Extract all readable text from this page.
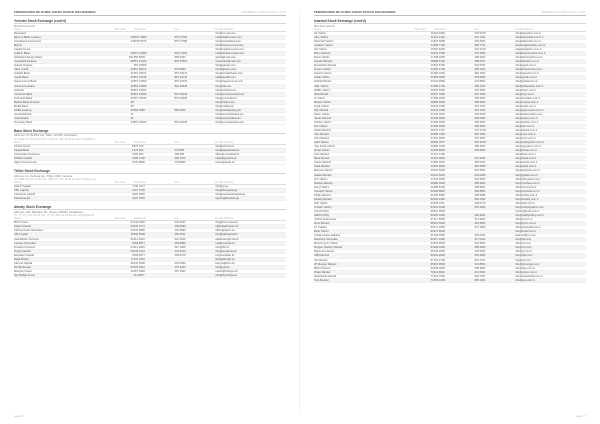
FEDERATION OF EURO-ASIAN STOCK EXCHANGES	MEMBERS DIRECTORY 2013
Yerevan Stock Exchange (cont'd)
Members (cont'd)
Name	SE Code	Telephone	Fax	E-mail address
Renesans				info@ren-ak.com
Bank of Baltic Leasing	22	8671 0800	867 27700	mail@baltic-bank.com
Araratbank Investment	23	8670 5575	867 27780	info@araratbank.com
Boone				info@boone-invest.com
Capital Invest				info@capital-invest.com
Ardshin Bank	26	867 31055	8671 5122	mail@ardshin-bank.com
Global Exchange Share	521	856 5520	856 9462	global@mail.com
Inecobank Finance	28	867 21022	867 27810	inecobank@mail.com
Garant Finance		867 20050		info@garant.com
Sarin Credit	20	867 28071	867 8090	credit@sarin.com
Artsakh Bank	31	867 20671	867 20041	info@artsakhbank.com
Anelik Bank	32	867 31045	867 31040	mail@anelik.com
Hayeconomy Bank	33	867 31560	867 21570	info@hayeconomy.com
Armeconombank	34	861 23050	861 23540	info@aeb.am
Unibank	35	867 19062		info@unibank.am
Converse Bank	36	867 31530	867 31532	post@conversebank.am
ProCredit Bank	37	867 31330	867 23400	info@procredit.am
Byblos Bank Armenia	38			info@byblos.am
Mellat Bank	39			info@mellat.am
ACBA Leasing	40	866 3050	866 3076	info@acbaleasing.am
Armswissbank	41			info@armswissbank.am
Areximbank	42			info@areximbank.am
Prometey Bank	43	867 31620	867 31630	info@prometeybank.am
Baku Stock Exchange
Add.ress: 19, Bul-Bul Ave, Baku, AZ1000, Azerbaijan
Tel: (994 12) 498 94 40 Fax: (994 12) 498 00 66 E-mail: info@bfb.az
Name	SE Code	Telephone	Fax	E-mail address
Aztrust Group	8	372 700		info@aztrust.az
Kapital Bank	1	370 800	370 880	info@kapitalbank.az
Unicapital Investment	3	200 900	200 950	office@unicapital.az
PASHA Capital	4	509 7200	509 7210	capital@pasha.az
Aqrar Invest Group	5	441 8800	441 8830	invest@aqrar.az
Tbilisi Stock Exchange
Add.ress: 11, Kazbegi Ave, Tbilisi, 0160, Georgia
Tel: (995 32) 222 32 44 Fax: (995 32) 222 32 46 E-mail: info@gse.ge
Name	SE Code	Telephone	Fax	E-mail address
Galt & Taggart	7	240 1617		info@gt.ge
TBC Capital	2	227 2700		info@tbccapital.ge
Caucasus Capital	6	225 3535		info@caucasuscapital.ge
Kavkasreestri	4	222 0110		registry@kavkas.ge
Almaty Stock Exchange
Add.ress: 280, Baizakov Str., Almaty, 050040, Kazakhstan
Tel: (7 727) 237 53 00 Fax: (7 727) 296 64 02 E-mail: info@kase.kz
Name	SE Code	Telephone	Fax	E-mail address
BCC Invest	61	244 3232	244 3231	info@bcc-invest.kz
Halyk Finance	23	330 0171	259 0593	hf@halykfinance.kz
Kazkommerts Securities	24	244 6580	244 6599	office@kazks.kz
Alfa Capital	18	250 5500	250 5511	info@alfacapital.kz
Asia Broker Services	52	311 3034	311 3040	asiabroker@mail.kz
Centras Securities	8	259 8877	259 8855	mail@centras.kz
Freedom Finance	64	311 1064	311 1065	info@ffin.kz
Tengri Capital	45	244 2121	244 2120	info@tengricap.kz
Eurasian Capital	2	259 6077	259 6078	ec@eurasian.kz
Delta Broker	77	331 0101		delta@broker.kz
Kazyna Capital	39	244 5090	244 5092	kazyna@kcm.kz
RG Brokerage	54	279 3312	279 3320	info@rgb.kz
Zhetysu Invest	12	267 1830	267 1831	invest@zhetysu.kz
Sky Bridge Invest		311 8877		info@skybridge.kz
page 76
FEDERATION OF EURO-ASIAN STOCK EXCHANGES	MEMBERS DIRECTORY 2013
Istanbul Stock Exchange (cont'd)
Members (cont'd)
Name	SE Code	Telephone	Fax	E-mail address
Ak Yatirim	10	334 9494	334 9470	info@akyatirim.com.tr
Alan Yatirim	11	212 1420	212 1421	info@alanyatirim.com.tr
Alternatif Yatirim	13	315 6500	315 6501	info@alternatif.com.tr
Anadolu Yatirim	14	368 7700	368 7711	anadolu@anadolu.com.tr
Ata Yatirim	15	310 6200	310 6210	ata@atayatirim.com.tr
Bizim Menkul	16	370 1500	370 1501	info@bizimmenkul.com.tr
Deniz Yatirim	17	348 2000	348 2001	info@denizyatirim.com
Dundar Menkul	18	368 6700	368 6701	info@dundar.com.tr
Eczacibasi Menkul	19	319 5700	319 5701	info@egeli.com.tr
Finans Yatirim	20	282 1700	282 1701	info@finansinvest.com
Garanti Yatirim	21	384 1000	384 1001	info@garanti.com.tr
Gedik Yatirim	22	453 0000	453 0001	info@gedik.com.tr
Global Menkul	23	244 5500	244 5501	info@global.com.tr
Halk Yatirim	24	285 1700	285 1701	info@halkyatirim.com.tr
HSBC Yatirim	25	376 4600	376 4601	info@hsbc.com.tr
ING Menkul	26	367 7000	367 7001	info@ing.com.tr
Is Yatirim	27	350 2000	350 2001	info@isyatirim.com.tr
Meksa Yatirim	28	385 5500	385 5501	info@meksa.com.tr
Oyak Yatirim	29	319 1200	319 1201	info@oyak.com.tr
Pay Menkul	30	244 7000	244 7001	info@paymenkul.com.tr
Seker Yatirim	31	334 3333	334 3334	info@sekeryatirim.com
Sanko Menkul	32	335 0000	335 0001	info@sanko.com.tr
Tacirler Yatirim	33	355 4646	355 4647	info@tacirler.com.tr
Teb Yatirim	34	355 4600	355 4601	info@teb.com.tr
Tekstil Menkul	35	276 2727	276 2728	info@tekstil.com.tr
Ulus Menkul	36	350 7000	350 7001	info@ulus.com.tr
Unlu Menkul	37	367 3636	367 3637	info@unlu.com.tr
Vakif Yatirim	38	352 3577	352 3578	info@vakifyatirim.com.tr
Yapi Kredi Yatirim	39	280 1000	280 1001	info@ykyatirim.com.tr
Ziraat Yatirim	40	339 8000	339 8001	info@ziraat.com.tr
Acar Menkul	41	216 1400		info@acar.com.tr
Baha Menkul	42	216 3040	216 3041	info@baha.com.tr
Camis Menkul	43	350 0210	350 0211	info@camis.com.tr
Delta Menkul	44	310 6565	310 6566	info@delta.com.tr
Ekspres Yatirim	45	315 5000	315 5001	info@ekspres.com.tr
Galata Menkul	46	244 6464	244 6465	info@galata.com.tr
Info Yatirim	47	318 2500	318 2501	info@infoyatirim.com
Marbas Menkul	48	286 3000	286 3001	info@marbas.com.tr
Nurol Yatirim	49	286 8100	286 8101	info@nurol.com.tr
Osmanli Yatirim	50	366 8800	366 8801	info@osmanli.com.tr
Phillip Menkul	51	296 8484	296 8485	info@phillip.com.tr
Strateji Menkul	52	354 4400	354 4401	info@strateji.com.tr
Taib Yatirim	53	345 0711	345 0712	info@taib.com.tr
Turkish Yatirim	54	315 1000	315 1001	info@turkishyatirim.com
Ünlü Portföy	55	367 3600		portfoy@unlu.com.tr
Vakif Portföy	56	393 4200	393 4201	info@vakifportfoy.com.tr
Yatirim Finansman	57	317 6900	317 6901	info@yf.com.tr
Zirve Menkul	58	322 5500	322 5501	info@zirve.com.tr
A1 Capital	59	371 1800	371 1801	info@a1capital.com.tr
Bulls Yatirim	60	373 8000		info@bulls.com.tr
Credit Suisse Istanbul	61	349 0400	349 0401	istanbul@cs.com
Deutsche Securities	62	317 0100	317 0101	info@db.com
Merrill Lynch Yatirim	63	319 9500	319 9501	info@ml.com
Morgan Stanley Menkul	64	398 2000	398 2001	info@ms.com
Raymond James	65	349 2000	349 2001	info@rj.com.tr
UBS Menkul	66	319 2000	319 2001	info@ubs.com
Citi Menkul	67	319 4700	319 4701	info@citi.com
JP Morgan Menkul	68	319 8500	319 8501	info@jpmorgan.com
BGC Partners	69	339 3900	339 3901	info@bgc.com.tr
Polen Menkul	70	211 6600	211 6601	info@polen.com.tr
Sekerbank Menkul	71	319 7000	319 7001	info@sekerbank.com.tr
Tera Menkul	72	365 1000	365 1001	info@tera.com.tr
page 77
